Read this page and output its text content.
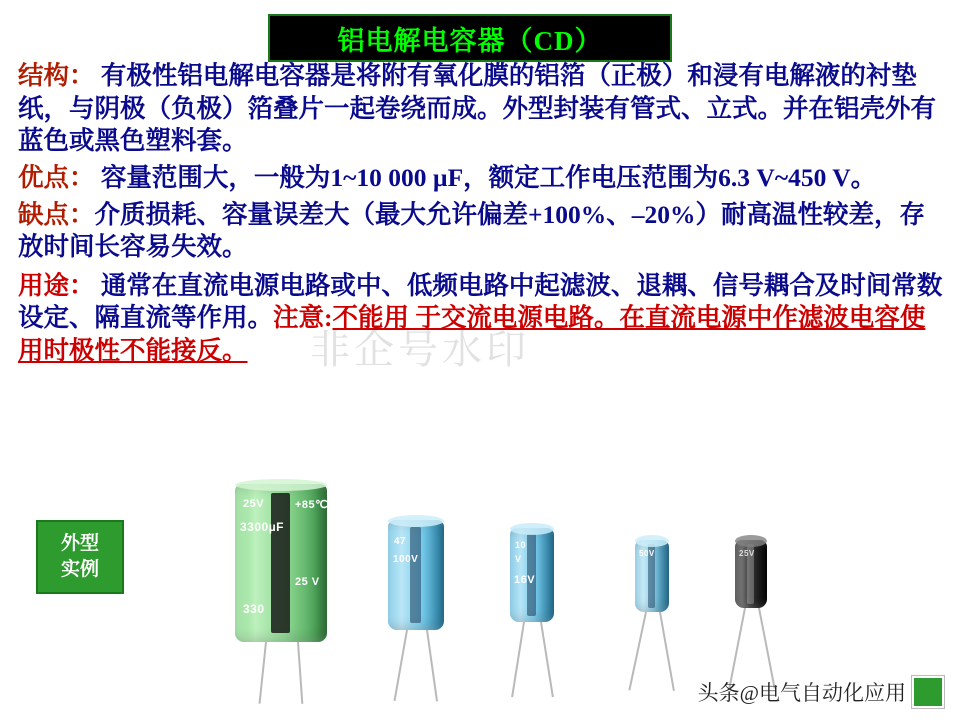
铝电解电容器（CD）

结构： 有极性铝电解电容器是将附有氧化膜的铝箔（正极）和浸有电解液的衬垫纸，与阴极（负极）箔叠片一起卷绕而成。外型封装有管式、立式。并在铝壳外有蓝色或黑色塑料套。

优点： 容量范围大，一般为1~10 000 µF，额定工作电压范围为6.3 V~450 V。

缺点：介质损耗、容量误差大（最大允许偏差+100%、–20%）耐高温性较差，存放时间长容易失效。

用途： 通常在直流电源电路或中、低频电路中起滤波、退耦、信号耦合及时间常数设定、隔直流等作用。注意:不能用 于交流电源电路。在直流电源中作滤波电容使用时极性不能接反。	非企号水印
外型
实例
25V	+85℃
3300µF
25 V
330
47
100V
10
V
16V
50V	25V
头条@电气自动化应用
